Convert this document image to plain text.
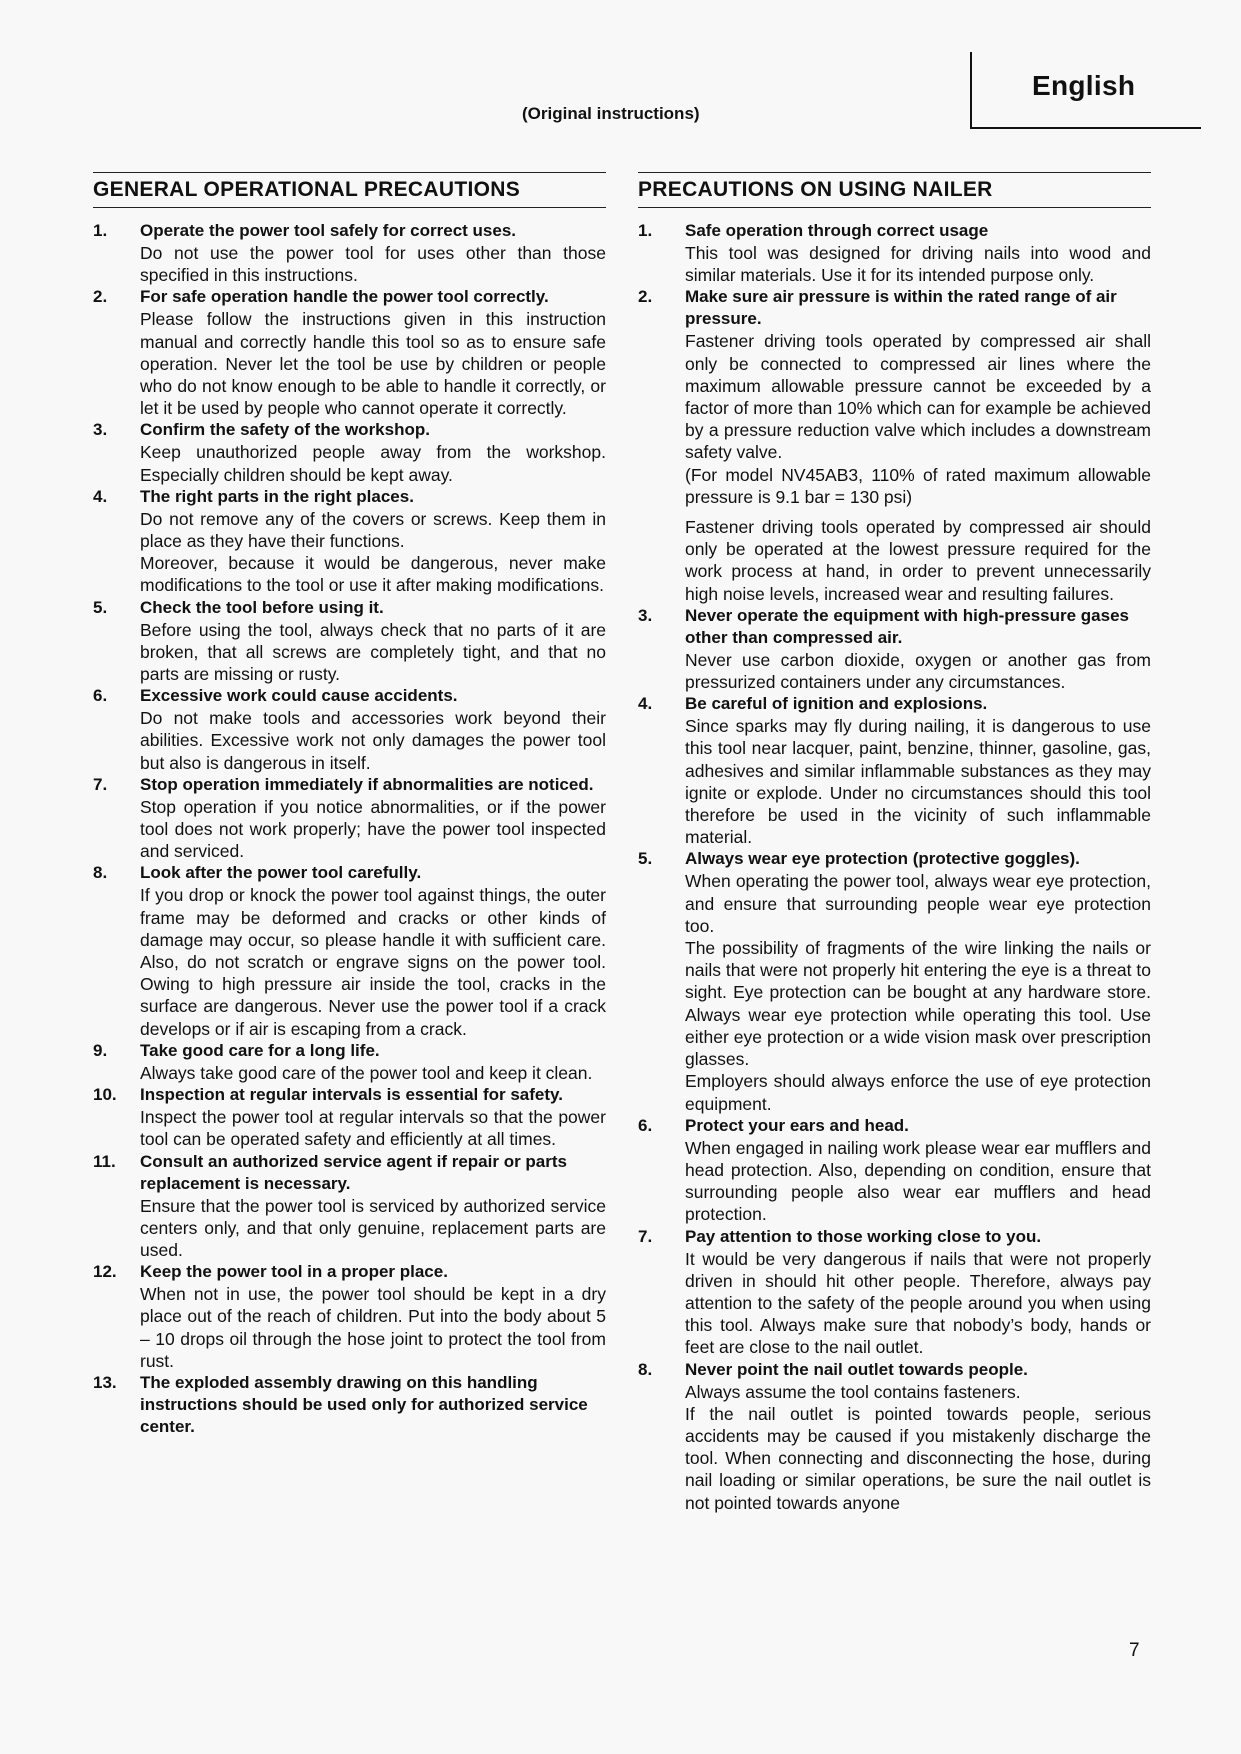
English
(Original instructions)
GENERAL OPERATIONAL PRECAUTIONS
1. Operate the power tool safely for correct uses.

Do not use the power tool for uses other than those specified in this instructions.

2. For safe operation handle the power tool correctly.

Please follow the instructions given in this instruction manual and correctly handle this tool so as to ensure safe operation. Never let the tool be use by children or people who do not know enough to be able to handle it correctly, or let it be used by people who cannot operate it correctly.

3. Confirm the safety of the workshop.

Keep unauthorized people away from the workshop. Especially children should be kept away.

4. The right parts in the right places.

Do not remove any of the covers or screws. Keep them in place as they have their functions.

Moreover, because it would be dangerous, never make modifications to the tool or use it after making modifications.

5. Check the tool before using it.

Before using the tool, always check that no parts of it are broken, that all screws are completely tight, and that no parts are missing or rusty.

6. Excessive work could cause accidents.

Do not make tools and accessories work beyond their abilities. Excessive work not only damages the power tool but also is dangerous in itself.

7. Stop operation immediately if abnormalities are noticed.

Stop operation if you notice abnormalities, or if the power tool does not work properly; have the power tool inspected and serviced.

8. Look after the power tool carefully.

If you drop or knock the power tool against things, the outer frame may be deformed and cracks or other kinds of damage may occur, so please handle it with sufficient care. Also, do not scratch or engrave signs on the power tool. Owing to high pressure air inside the tool, cracks in the surface are dangerous. Never use the power tool if a crack develops or if air is escaping from a crack.

9. Take good care for a long life.

Always take good care of the power tool and keep it clean.

10. Inspection at regular intervals is essential for safety.

Inspect the power tool at regular intervals so that the power tool can be operated safety and efficiently at all times.

11. Consult an authorized service agent if repair or parts replacement is necessary.

Ensure that the power tool is serviced by authorized service centers only, and that only genuine, replacement parts are used.

12. Keep the power tool in a proper place.

When not in use, the power tool should be kept in a dry place out of the reach of children. Put into the body about 5 – 10 drops oil through the hose joint to protect the tool from rust.

13. The exploded assembly drawing on this handling instructions should be used only for authorized service center.
PRECAUTIONS ON USING NAILER
1. Safe operation through correct usage

This tool was designed for driving nails into wood and similar materials. Use it for its intended purpose only.

2. Make sure air pressure is within the rated range of air pressure.

Fastener driving tools operated by compressed air shall only be connected to compressed air lines where the maximum allowable pressure cannot be exceeded by a factor of more than 10% which can for example be achieved by a pressure reduction valve which includes a downstream safety valve.

(For model NV45AB3, 110% of rated maximum allowable pressure is 9.1 bar = 130 psi)

Fastener driving tools operated by compressed air should only be operated at the lowest pressure required for the work process at hand, in order to prevent unnecessarily high noise levels, increased wear and resulting failures.

3. Never operate the equipment with high-pressure gases other than compressed air.

Never use carbon dioxide, oxygen or another gas from pressurized containers under any circumstances.

4. Be careful of ignition and explosions.

Since sparks may fly during nailing, it is dangerous to use this tool near lacquer, paint, benzine, thinner, gasoline, gas, adhesives and similar inflammable substances as they may ignite or explode. Under no circumstances should this tool therefore be used in the vicinity of such inflammable material.

5. Always wear eye protection (protective goggles).

When operating the power tool, always wear eye protection, and ensure that surrounding people wear eye protection too.

The possibility of fragments of the wire linking the nails or nails that were not properly hit entering the eye is a threat to sight. Eye protection can be bought at any hardware store. Always wear eye protection while operating this tool. Use either eye protection or a wide vision mask over prescription glasses.

Employers should always enforce the use of eye protection equipment.

6. Protect your ears and head.

When engaged in nailing work please wear ear mufflers and head protection. Also, depending on condition, ensure that surrounding people also wear ear mufflers and head protection.

7. Pay attention to those working close to you.

It would be very dangerous if nails that were not properly driven in should hit other people. Therefore, always pay attention to the safety of the people around you when using this tool. Always make sure that nobody’s body, hands or feet are close to the nail outlet.

8. Never point the nail outlet towards people.

Always assume the tool contains fasteners.

If the nail outlet is pointed towards people, serious accidents may be caused if you mistakenly discharge the tool. When connecting and disconnecting the hose, during nail loading or similar operations, be sure the nail outlet is not pointed towards anyone

7
